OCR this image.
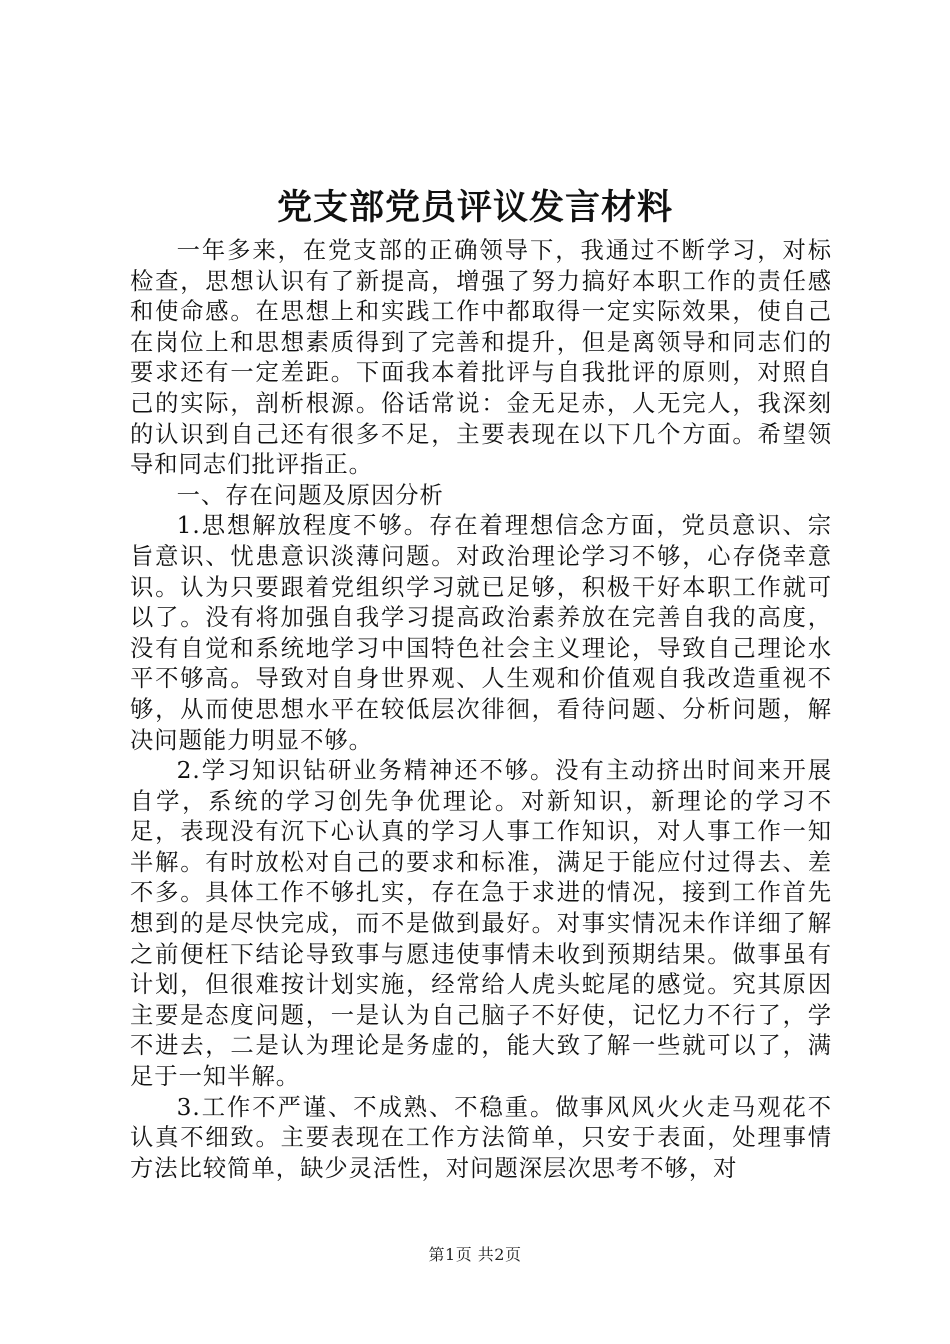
党支部党员评议发言材料

一年多来，在党支部的正确领导下，我通过不断学习，对标检查，思想认识有了新提高，增强了努力搞好本职工作的责任感和使命感。在思想上和实践工作中都取得一定实际效果，使自己在岗位上和思想素质得到了完善和提升，但是离领导和同志们的要求还有一定差距。下面我本着批评与自我批评的原则，对照自己的实际，剖析根源。俗话常说：金无足赤，人无完人，我深刻的认识到自己还有很多不足，主要表现在以下几个方面。希望领导和同志们批评指正。

一、存在问题及原因分析

1.思想解放程度不够。存在着理想信念方面，党员意识、宗旨意识、忧患意识淡薄问题。对政治理论学习不够，心存侥幸意识。认为只要跟着党组织学习就已足够，积极干好本职工作就可以了。没有将加强自我学习提高政治素养放在完善自我的高度，没有自觉和系统地学习中国特色社会主义理论，导致自己理论水平不够高。导致对自身世界观、人生观和价值观自我改造重视不够，从而使思想水平在较低层次徘徊，看待问题、分析问题，解决问题能力明显不够。

2.学习知识钻研业务精神还不够。没有主动挤出时间来开展自学，系统的学习创先争优理论。对新知识，新理论的学习不足，表现没有沉下心认真的学习人事工作知识，对人事工作一知半解。有时放松对自己的要求和标准，满足于能应付过得去、差不多。具体工作不够扎实，存在急于求进的情况，接到工作首先想到的是尽快完成，而不是做到最好。对事实情况未作详细了解之前便枉下结论导致事与愿违使事情未收到预期结果。做事虽有计划，但很难按计划实施，经常给人虎头蛇尾的感觉。究其原因主要是态度问题，一是认为自己脑子不好使，记忆力不行了，学不进去，二是认为理论是务虚的，能大致了解一些就可以了，满足于一知半解。

3.工作不严谨、不成熟、不稳重。做事风风火火走马观花不认真不细致。主要表现在工作方法简单，只安于表面，处理事情方法比较简单，缺少灵活性，对问题深层次思考不够，对

第1页 共2页
